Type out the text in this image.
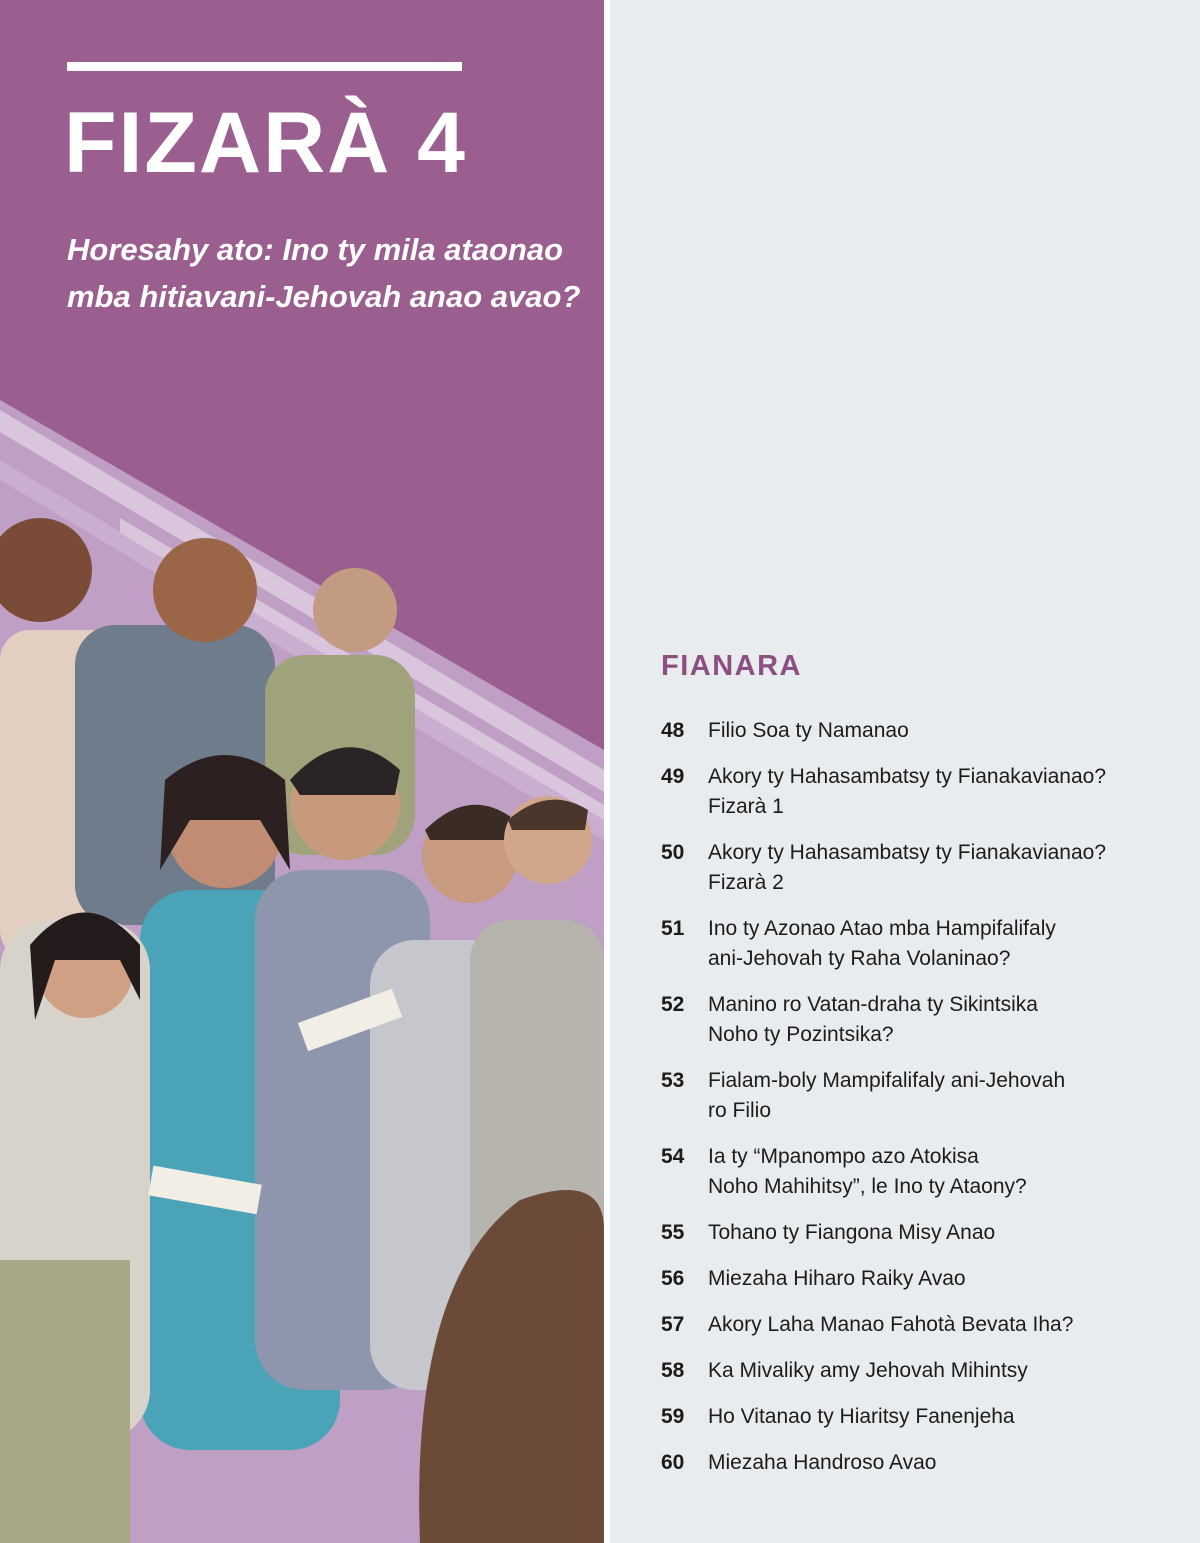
FIZARÀ 4

Horesahy ato: Ino ty mila ataonao mba hitiavani-Jehovah anao avao?

FIANARA
48	Filio Soa ty Namanao
49	Akory ty Hahasambatsy ty Fianakavianao?
Fizarà 1
50	Akory ty Hahasambatsy ty Fianakavianao?
Fizarà 2
51	Ino ty Azonao Atao mba Hampifalifaly
ani-Jehovah ty Raha Volaninao?
52	Manino ro Vatan-draha ty Sikintsika
Noho ty Pozintsika?
53	Fialam-boly Mampifalifaly ani-Jehovah
ro Filio
54	Ia ty “Mpanompo azo Atokisa
Noho Mahihitsy”, le Ino ty Ataony?
55	Tohano ty Fiangona Misy Anao
56	Miezaha Hiharo Raiky Avao
57	Akory Laha Manao Fahotà Bevata Iha?
58	Ka Mivaliky amy Jehovah Mihintsy
59	Ho Vitanao ty Hiaritsy Fanenjeha
60	Miezaha Handroso Avao
